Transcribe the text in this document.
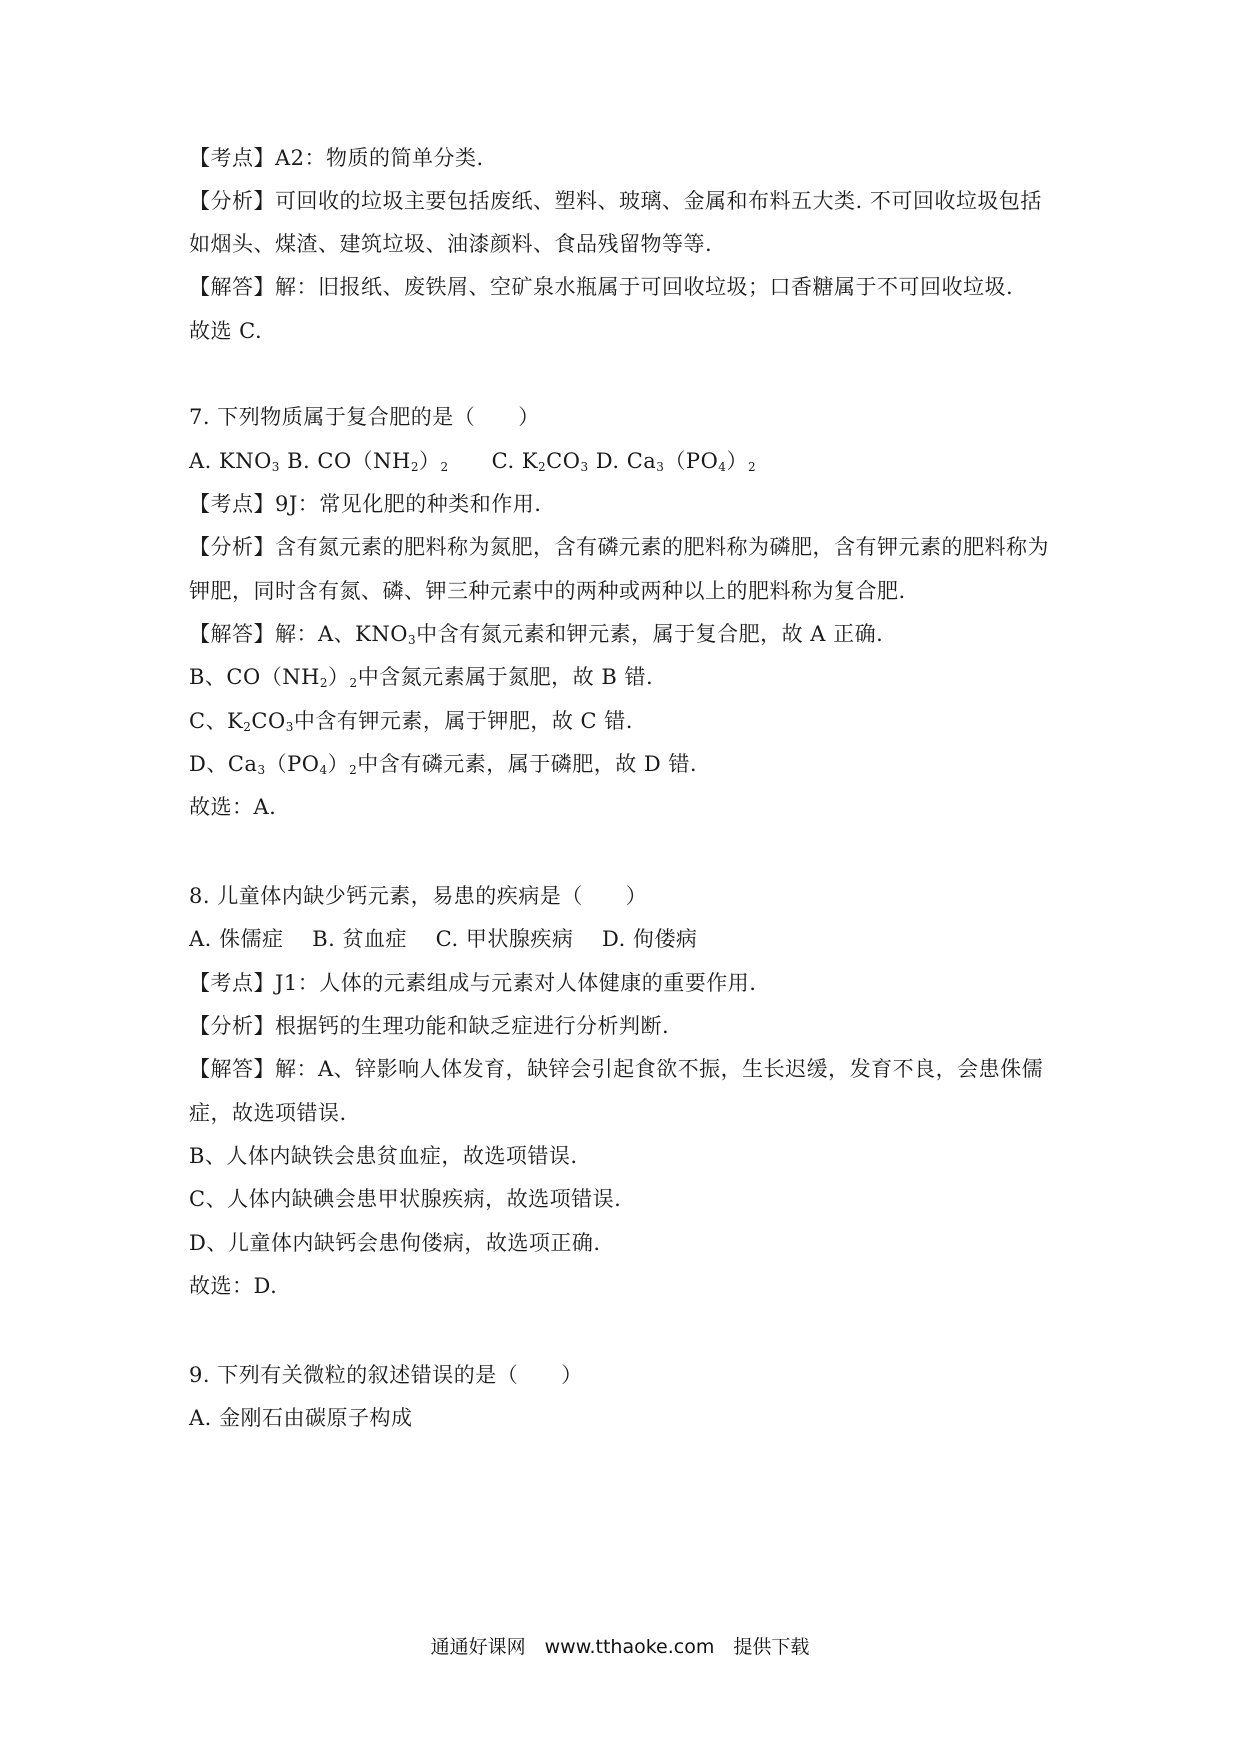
【考点】A2：物质的简单分类.
【分析】可回收的垃圾主要包括废纸、塑料、玻璃、金属和布料五大类. 不可回收垃圾包括
如烟头、煤渣、建筑垃圾、油漆颜料、食品残留物等等.
【解答】解：旧报纸、废铁屑、空矿泉水瓶属于可回收垃圾；口香糖属于不可回收垃圾.
故选 C.
7. 下列物质属于复合肥的是（　　）
A. $KNO_3$ B. $CO(NH_2)_2$　　C. $K_2CO_3$ D. $Ca_3(PO_4)_2$
【考点】9J：常见化肥的种类和作用.
【分析】含有氮元素的肥料称为氮肥，含有磷元素的肥料称为磷肥，含有钾元素的肥料称为
钾肥，同时含有氮、磷、钾三种元素中的两种或两种以上的肥料称为复合肥.
【解答】解：A、$KNO_3$中含有氮元素和钾元素，属于复合肥，故 A 正确.
B、$CO(NH_2)_2$中含氮元素属于氮肥，故 B 错.
C、$K_2CO_3$中含有钾元素，属于钾肥，故 C 错.
D、$Ca_3(PO_4)_2$中含有磷元素，属于磷肥，故 D 错.
故选：A.
8. 儿童体内缺少钙元素，易患的疾病是（　　）
A. 侏儒症　 B. 贫血症　 C. 甲状腺疾病　 D. 佝偻病
【考点】J1：人体的元素组成与元素对人体健康的重要作用.
【分析】根据钙的生理功能和缺乏症进行分析判断.
【解答】解：A、锌影响人体发育，缺锌会引起食欲不振，生长迟缓，发育不良，会患侏儒
症，故选项错误.
B、人体内缺铁会患贫血症，故选项错误.
C、人体内缺碘会患甲状腺疾病，故选项错误.
D、儿童体内缺钙会患佝偻病，故选项正确.
故选：D.
9. 下列有关微粒的叙述错误的是（　　）
A. 金刚石由碳原子构成
通通好课网　www.tthaoke.com　提供下载
